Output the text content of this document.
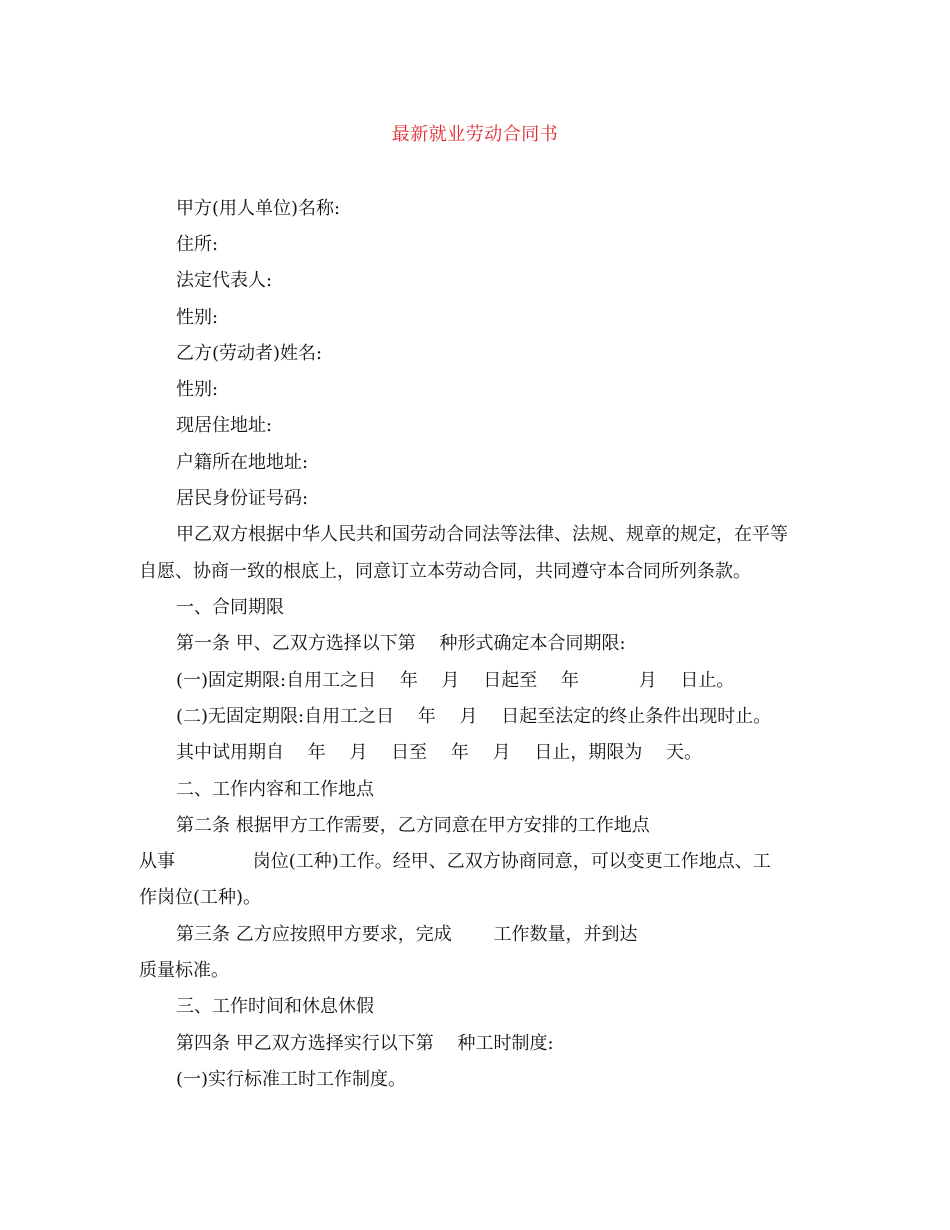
最新就业劳动合同书
甲方(用人单位)名称:
住所:
法定代表人:
性别:
乙方(劳动者)姓名:
性别:
现居住地址:
户籍所在地地址:
居民身份证号码:
甲乙双方根据中华人民共和国劳动合同法等法律、法规、规章的规定，在平等
自愿、协商一致的根底上，同意订立本劳动合同，共同遵守本合同所列条款。
一、合同期限
第一条 甲、乙双方选择以下第　 种形式确定本合同期限:
(一)固定期限:自用工之日　 年　 月　 日起至　 年　　　 月　 日止。
(二)无固定期限:自用工之日　 年　 月　 日起至法定的终止条件出现时止。
其中试用期自　 年　 月　 日至　 年　 月　 日止，期限为　 天。
二、工作内容和工作地点
第二条 根据甲方工作需要，乙方同意在甲方安排的工作地点
从事　　　　 岗位(工种)工作。经甲、乙双方协商同意，可以变更工作地点、工
作岗位(工种)。
第三条 乙方应按照甲方要求，完成　　 工作数量，并到达
质量标准。
三、工作时间和休息休假
第四条 甲乙双方选择实行以下第　 种工时制度:
(一)实行标准工时工作制度。
